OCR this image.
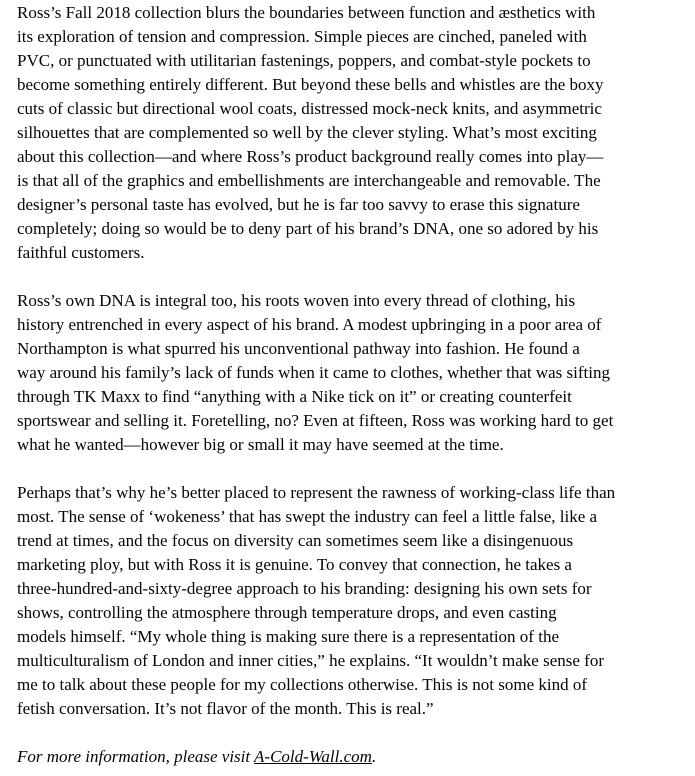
Ross’s Fall 2018 collection blurs the boundaries between function and æsthetics with
its exploration of tension and compression. Simple pieces are cinched, paneled with
PVC, or punctuated with utilitarian fastenings, poppers, and combat-style pockets to
become something entirely different. But beyond these bells and whistles are the boxy
cuts of classic but directional wool coats, distressed mock-neck knits, and asymmetric
silhouettes that are complemented so well by the clever styling. What’s most exciting
about this collection—and where Ross’s product background really comes into play—
is that all of the graphics and embellishments are interchangeable and removable. The
designer’s personal taste has evolved, but he is far too savvy to erase this signature
completely; doing so would be to deny part of his brand’s DNA, one so adored by his
faithful customers.

Ross’s own DNA is integral too, his roots woven into every thread of clothing, his
history entrenched in every aspect of his brand. A modest upbringing in a poor area of
Northampton is what spurred his unconventional pathway into fashion. He found a
way around his family’s lack of funds when it came to clothes, whether that was sifting
through TK Maxx to find “anything with a Nike tick on it” or creating counterfeit
sportswear and selling it. Foretelling, no? Even at fifteen, Ross was working hard to get
what he wanted—however big or small it may have seemed at the time.

Perhaps that’s why he’s better placed to represent the rawness of working-class life than
most. The sense of ‘wokeness’ that has swept the industry can feel a little false, like a
trend at times, and the focus on diversity can sometimes seem like a disingenuous
marketing ploy, but with Ross it is genuine. To convey that connection, he takes a
three-hundred-and-sixty-degree approach to his branding: designing his own sets for
shows, controlling the atmosphere through temperature drops, and even casting
models himself. “My whole thing is making sure there is a representation of the
multiculturalism of London and inner cities,” he explains. “It wouldn’t make sense for
me to talk about these people for my collections otherwise. This is not some kind of
fetish conversation. It’s not flavor of the month. This is real.”

For more information, please visit A-Cold-Wall.com.
